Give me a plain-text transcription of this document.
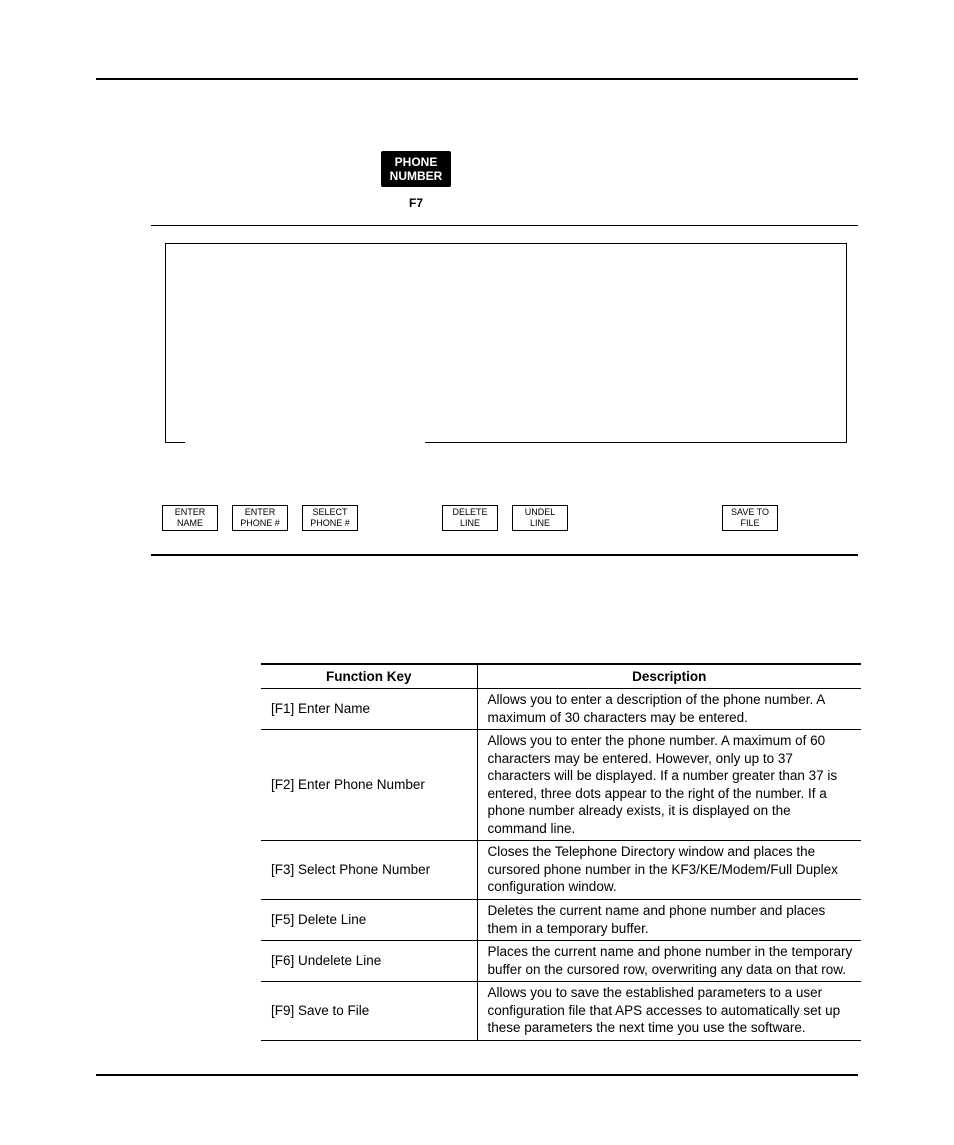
PHONE
NUMBER
F7
ENTER
NAME
ENTER
PHONE #
SELECT
PHONE #
DELETE
LINE
UNDEL
LINE
SAVE TO
FILE
Function Key	Description
[F1] Enter Name	Allows you to enter a description of the phone number. A maximum of 30 characters may be entered.
[F2] Enter Phone Number	Allows you to enter the phone number. A maximum of 60 characters may be entered. However, only up to 37 characters will be displayed. If a number greater than 37 is entered, three dots appear to the right of the number. If a phone number already exists, it is displayed on the command line.
[F3] Select Phone Number	Closes the Telephone Directory window and places the cursored phone number in the KF3/KE/Modem/Full Duplex configuration window.
[F5] Delete Line	Deletes the current name and phone number and places them in a temporary buffer.
[F6] Undelete Line	Places the current name and phone number in the temporary buffer on the cursored row, overwriting any data on that row.
[F9] Save to File	Allows you to save the established parameters to a user configuration file that APS accesses to automatically set up these parameters the next time you use the software.
